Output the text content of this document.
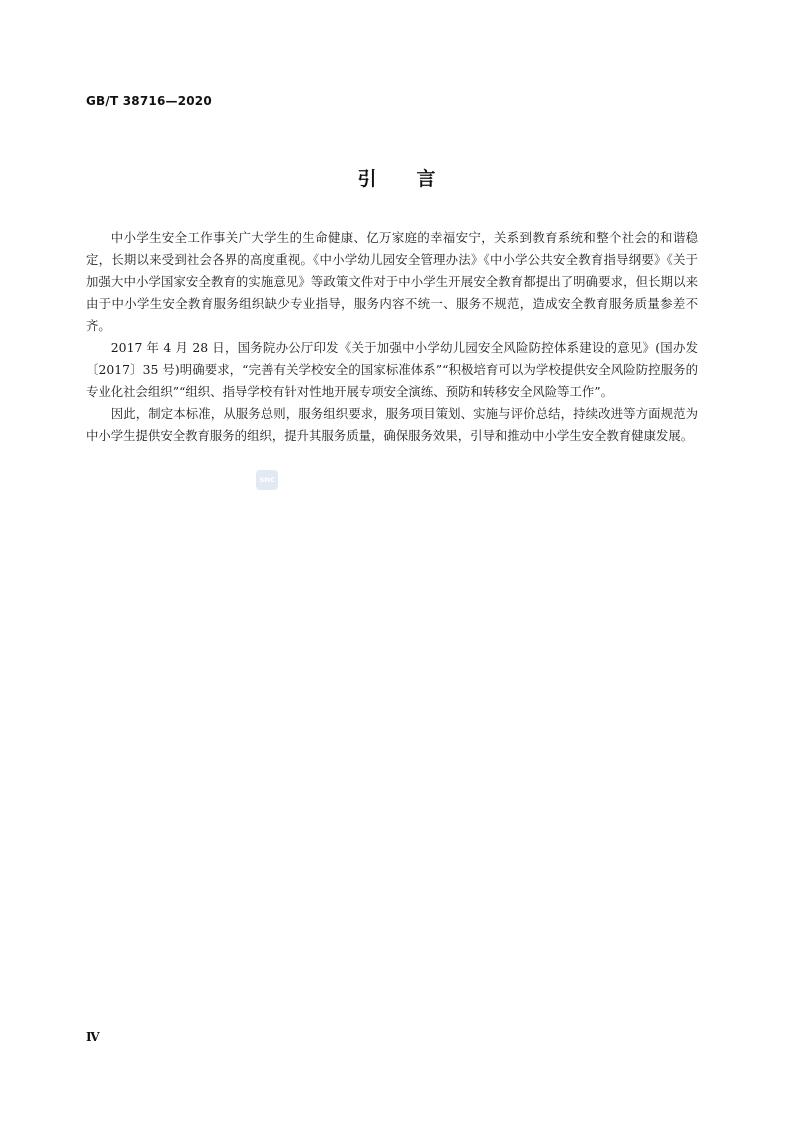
GB/T 38716—2020
引言

中小学生安全工作事关广大学生的生命健康、亿万家庭的幸福安宁，关系到教育系统和整个社会的和谐稳定，长期以来受到社会各界的高度重视。《中小学幼儿园安全管理办法》《中小学公共安全教育指导纲要》《关于加强大中小学国家安全教育的实施意见》等政策文件对于中小学生开展安全教育都提出了明确要求，但长期以来由于中小学生安全教育服务组织缺少专业指导，服务内容不统一、服务不规范，造成安全教育服务质量参差不齐。

2017 年 4 月 28 日，国务院办公厅印发《关于加强中小学幼儿园安全风险防控体系建设的意见》(国办发〔2017〕35 号)明确要求，“完善有关学校安全的国家标准体系”“积极培育可以为学校提供安全风险防控服务的专业化社会组织”“组织、指导学校有针对性地开展专项安全演练、预防和转移安全风险等工作”。

因此，制定本标准，从服务总则，服务组织要求，服务项目策划、实施与评价总结，持续改进等方面规范为中小学生提供安全教育服务的组织，提升其服务质量，确保服务效果，引导和推动中小学生安全教育健康发展。

snc
Ⅳ
